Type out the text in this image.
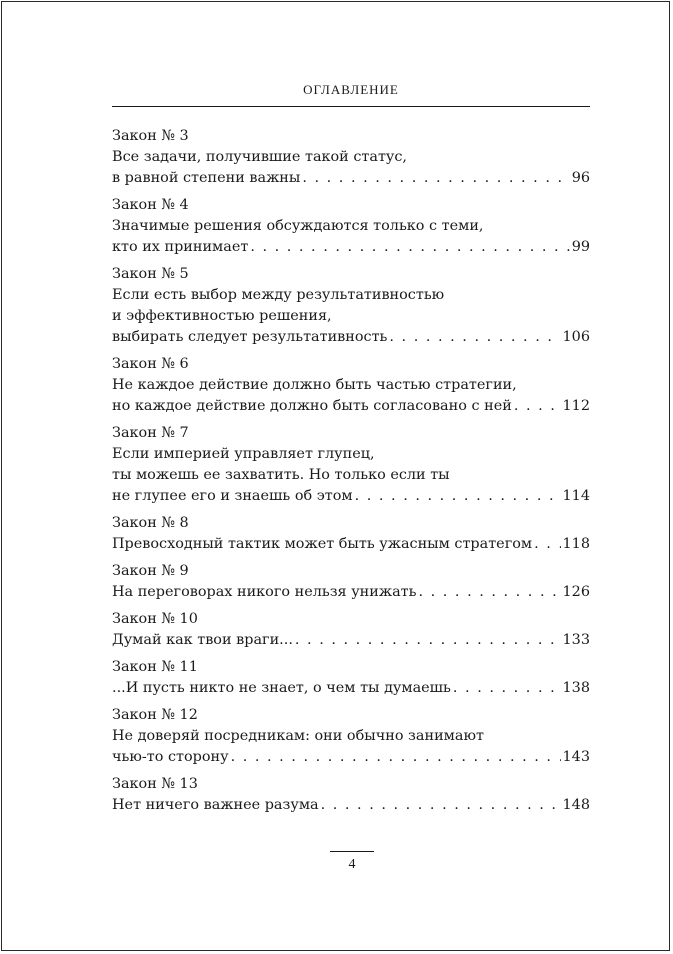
ОГЛАВЛЕНИЕ
Закон № 3
Все задачи, получившие такой статус,
в равной степени важны . . .	96
Закон № 4
Значимые решения обсуждаются только с теми,
кто их принимает . . .	99
Закон № 5
Если есть выбор между результативностью
и эффективностью решения,
выбирать следует результативность . . .	106
Закон № 6
Не каждое действие должно быть частью стратегии,
но каждое действие должно быть согласовано с ней . . .	112
Закон № 7
Если империей управляет глупец,
ты можешь ее захватить. Но только если ты
не глупее его и знаешь об этом . . .	114
Закон № 8
Превосходный тактик может быть ужасным стратегом . . . 118
Закон № 9
На переговорах никого нельзя унижать . . .	126
Закон № 10
Думай как твои враги... . . .	133
Закон № 11
...И пусть никто не знает, о чем ты думаешь . . .	138
Закон № 12
Не доверяй посредникам: они обычно занимают
чью-то сторону . . .	143
Закон № 13
Нет ничего важнее разума . . .	148
4
